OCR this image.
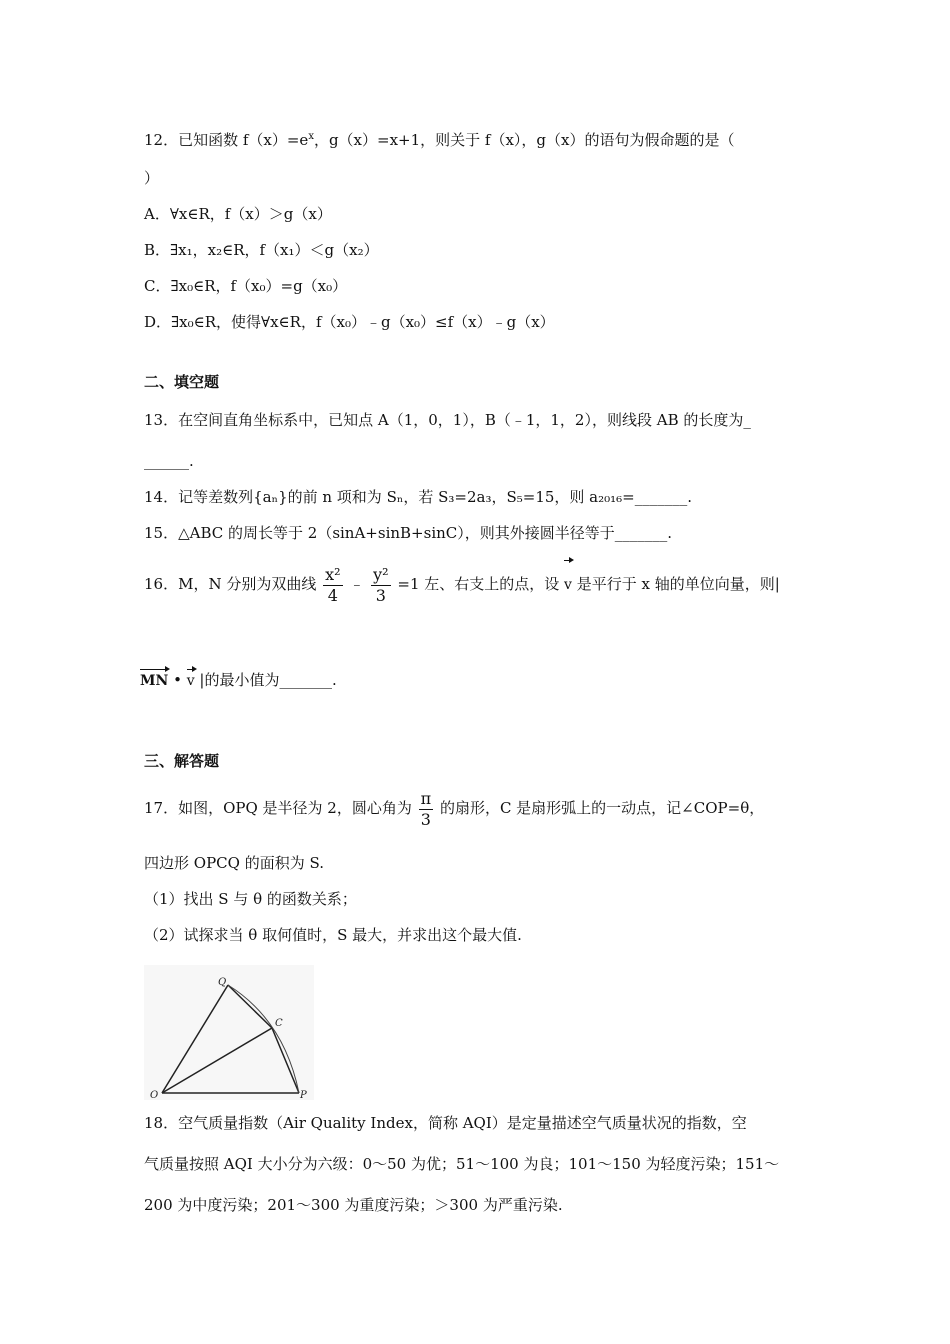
12．已知函数 $f(x)=e^x$，g（x）=x+1，则关于 f（x），g（x）的语句为假命题的是（
）
A．∀x∈R，f（x）＞g（x）
B．∃x₁，x₂∈R，f（x₁）＜g（x₂）
C．∃x₀∈R，f（x₀）=g（x₀）
D．∃x₀∈R，使得∀x∈R，f（x₀）﹣g（x₀）≤f（x）﹣g（x）
二、填空题
13．在空间直角坐标系中，已知点 A（1，0，1），B（﹣1，1，2），则线段 AB 的长度为_
______.
14．记等差数列{aₙ}的前 n 项和为 Sₙ，若 S₃=2a₃，S₅=15，则 a₂₀₁₆=_______.
15．△ABC 的周长等于 2（sinA+sinB+sinC），则其外接圆半径等于_______.
16．M，N 分别为双曲线 $\frac{\text{x²}}{4}$ ﹣ $\frac{\text{y²}}{3} =1$ 左、右支上的点，设 v 是平行于 x 轴的单位向量，则|
MN • v |的最小值为_______.
三、解答题
17．如图，OPQ 是半径为 2，圆心角为 $\frac{\pi}{3}$ 的扇形，C 是扇形弧上的一动点，记∠COP=θ，
四边形 OPCQ 的面积为 S.
（1）找出 S 与 θ 的函数关系；
（2）试探求当 θ 取何值时，S 最大，并求出这个最大值.
O	P
Q
C
18．空气质量指数（Air Quality Index，简称 AQI）是定量描述空气质量状况的指数，空
气质量按照 AQI 大小分为六级：0～50 为优；51～100 为良；101～150 为轻度污染；151～
200 为中度污染；201～300 为重度污染；＞300 为严重污染.
